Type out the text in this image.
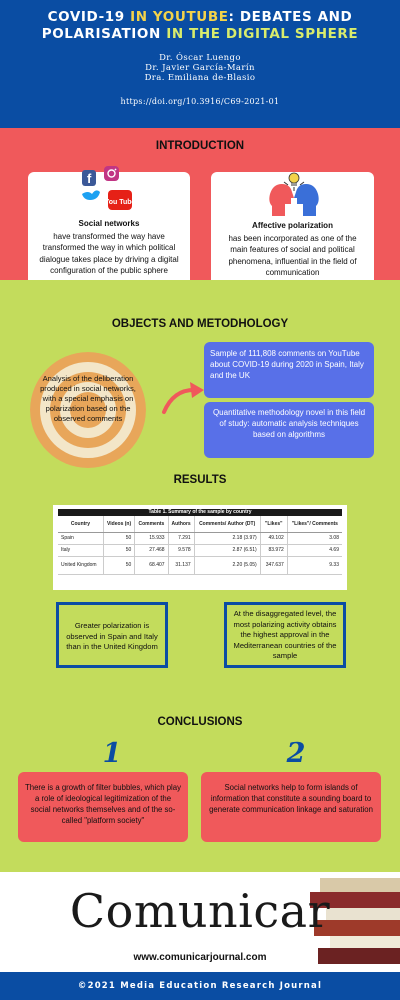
COVID-19 IN YOUTUBE: DEBATES AND
POLARISATION IN THE DIGITAL SPHERE
Dr. Óscar Luengo
Dr. Javier García-Marín
Dra. Emiliana de-Blasio
https://doi.org/10.3916/C69-2021-01
INTRODUCTION
f
You Tube
Social networks
have transformed the way have transformed the way in which political dialogue takes place by driving a digital configuration of the public sphere
Affective polarization
has been incorporated as one of the main features of social and political phenomena, influential in the field of communication
OBJECTS AND METODHOLOGY
Analysis of the deliberation produced in social networks, with a special emphasis on polarization based on the observed comments
Sample of 111,808 comments on YouTube about COVID-19 during 2020 in Spain, Italy and the UK
Quantitative methodology novel in this field of study: automatic analysis techniques based on algorithms
RESULTS
Table 1. Summary of the sample by country
Country	Videos (n)	Comments	Authors	Comments/ Author (DT)	"Likes"	"Likes"/ Comments
Spain	50	15.933	7.291	2.18 (3.97)	49.102	3.08
Italy	50	27.468	9.578	2.87 (6.51)	83.972	4.69
United Kingdom	50	68.407	31.137	2.20 (5.05)	347.637	9.33
Greater polarization is observed in Spain and Italy than in the United Kingdom
At the disaggregated level, the most polarizing activity obtains the highest approval in the Mediterranean countries of the sample
CONCLUSIONS
1	2
There is a growth of filter bubbles, which play a role of ideological legitimization of the social networks themselves and of the so-called "platform society"
Social networks help to form islands of information that constitute a sounding board to generate communication linkage and saturation
Comunicar
www.comunicarjournal.com
©2021 Media Education Research Journal
